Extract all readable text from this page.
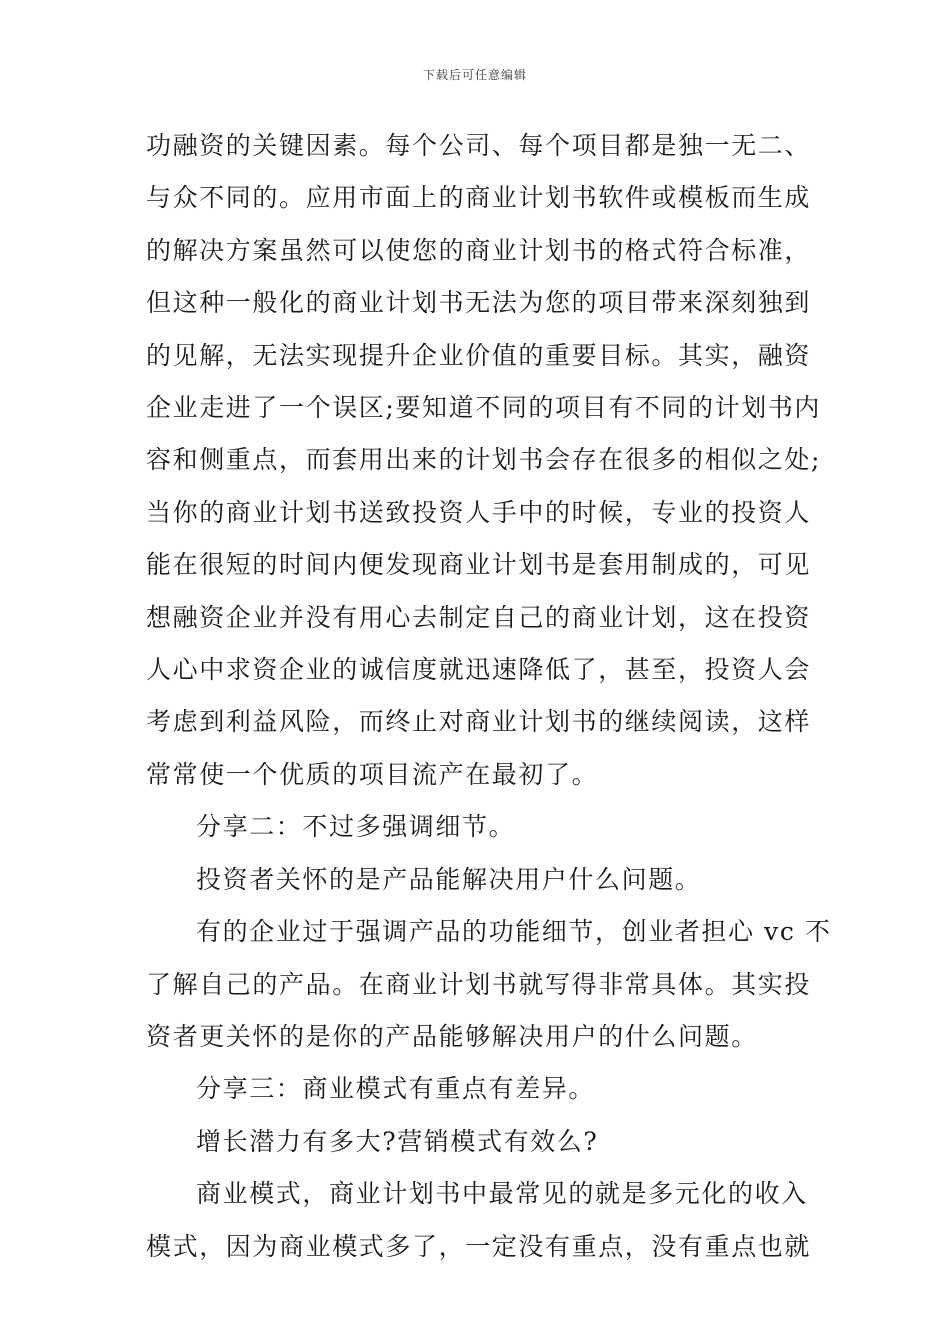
下载后可任意编辑

功融资的关键因素。每个公司、每个项目都是独一无二、

与众不同的。应用市面上的商业计划书软件或模板而生成

的解决方案虽然可以使您的商业计划书的格式符合标准，

但这种一般化的商业计划书无法为您的项目带来深刻独到

的见解，无法实现提升企业价值的重要目标。其实，融资

企业走进了一个误区;要知道不同的项目有不同的计划书内

容和侧重点，而套用出来的计划书会存在很多的相似之处;

当你的商业计划书送致投资人手中的时候，专业的投资人

能在很短的时间内便发现商业计划书是套用制成的，可见

想融资企业并没有用心去制定自己的商业计划，这在投资

人心中求资企业的诚信度就迅速降低了，甚至，投资人会

考虑到利益风险，而终止对商业计划书的继续阅读，这样

常常使一个优质的项目流产在最初了。

分享二：不过多强调细节。

投资者关怀的是产品能解决用户什么问题。

有的企业过于强调产品的功能细节，创业者担心 vc 不

了解自己的产品。在商业计划书就写得非常具体。其实投

资者更关怀的是你的产品能够解决用户的什么问题。

分享三：商业模式有重点有差异。

增长潜力有多大?营销模式有效么?

商业模式，商业计划书中最常见的就是多元化的收入

模式，因为商业模式多了，一定没有重点，没有重点也就
